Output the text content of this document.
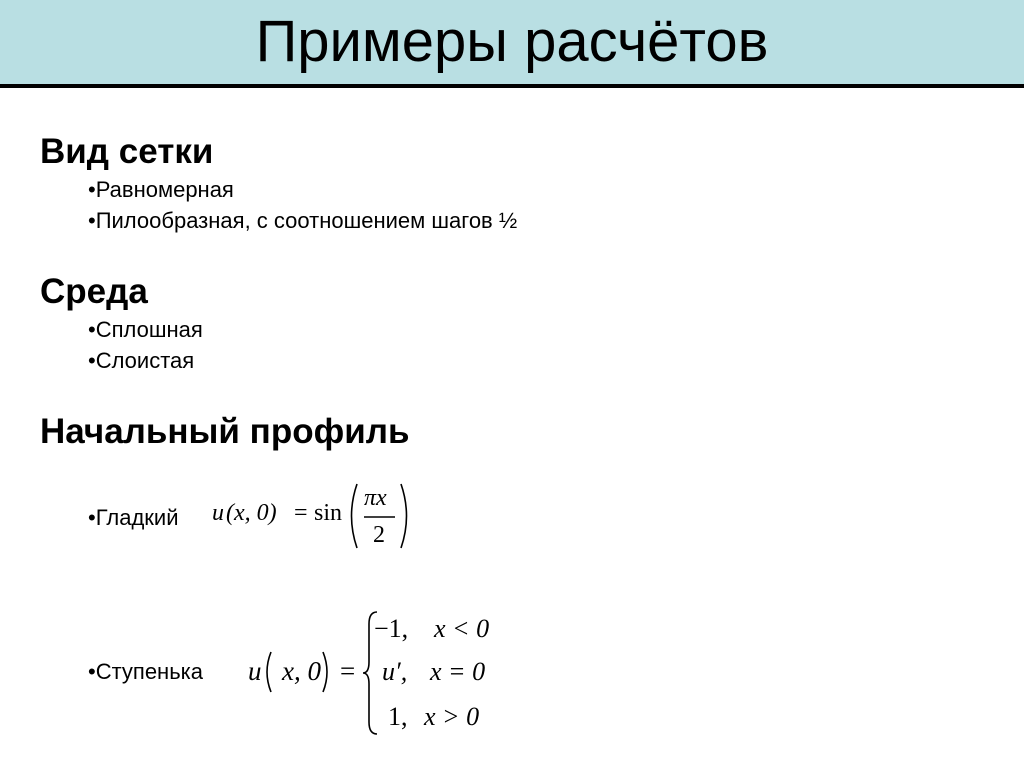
Примеры расчётов
Вид сетки
•Равномерная
•Пилообразная, с соотношением шагов ½
Среда
•Сплошная
•Слоистая
Начальный профиль
•Гладкий u (x, 0) = sin
πx
2
•Ступенька u x, 0 =
−1, x < 0
u′, x = 0
1, x > 0
